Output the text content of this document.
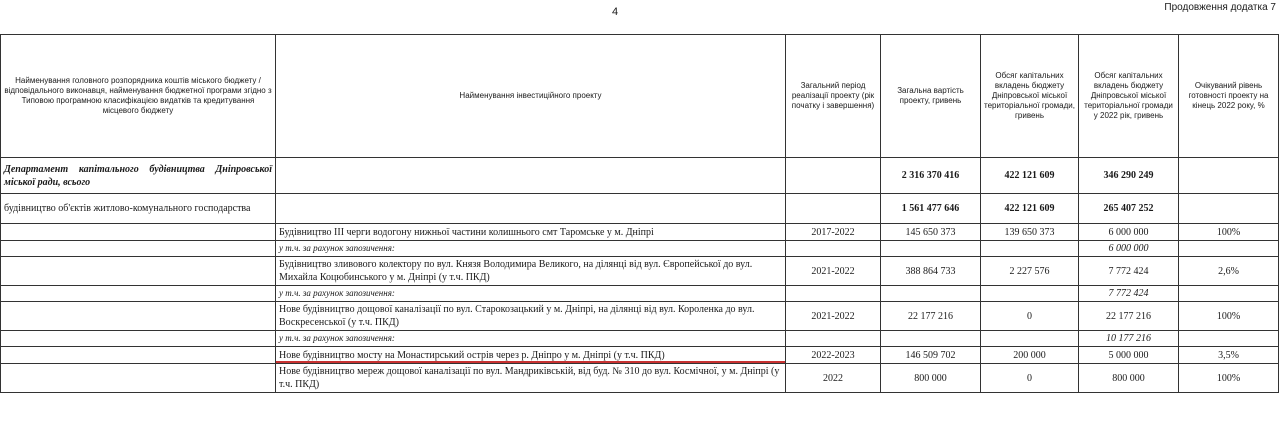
4	Продовження додатка 7
Найменування головного розпорядника коштів міського бюджету / відповідального виконавця, найменування бюджетної програми згідно з Типовою програмною класифікацією видатків та кредитування місцевого бюджету	Найменування інвестиційного проекту	Загальний період реалізації проекту (рік початку і завершення)	Загальна вартість проекту, гривень	Обсяг капітальних вкладень бюджету Дніпровської міської територіальної громади, гривень	Обсяг капітальних вкладень бюджету Дніпровської міської територіальної громади у 2022 рік, гривень	Очікуваний рівень готовності проекту на кінець 2022 року, %
Департамент капітального будівництва Дніпровської міської ради, всього			2 316 370 416	422 121 609	346 290 249	
будівництво об'єктів житлово-комунального господарства			1 561 477 646	422 121 609	265 407 252	
	Будівництво III черги водогону нижньої частини колишнього смт Таромське у м. Дніпрі	2017-2022	145 650 373	139 650 373	6 000 000	100%
	у т.ч. за рахунок запозичення:				6 000 000	
	Будівництво зливового колектору по вул. Князя Володимира Великого, на ділянці від вул. Європейської до вул. Михайла Коцюбинського у м. Дніпрі (у т.ч. ПКД)	2021-2022	388 864 733	2 227 576	7 772 424	2,6%
	у т.ч. за рахунок запозичення:				7 772 424	
	Нове будівництво дощової каналізації по вул. Старокозацький у м. Дніпрі, на ділянці від вул. Короленка до вул. Воскресенської (у т.ч. ПКД)	2021-2022	22 177 216	0	22 177 216	100%
	у т.ч. за рахунок запозичення:				10 177 216	
	Нове будівництво мосту на Монастирський острів через р. Дніпро у м. Дніпрі (у т.ч. ПКД)	2022-2023	146 509 702	200 000	5 000 000	3,5%
	Нове будівництво мереж дощової каналізації по вул. Мандриківській, від буд. № 310 до вул. Космічної, у м. Дніпрі (у т.ч. ПКД)	2022	800 000	0	800 000	100%
